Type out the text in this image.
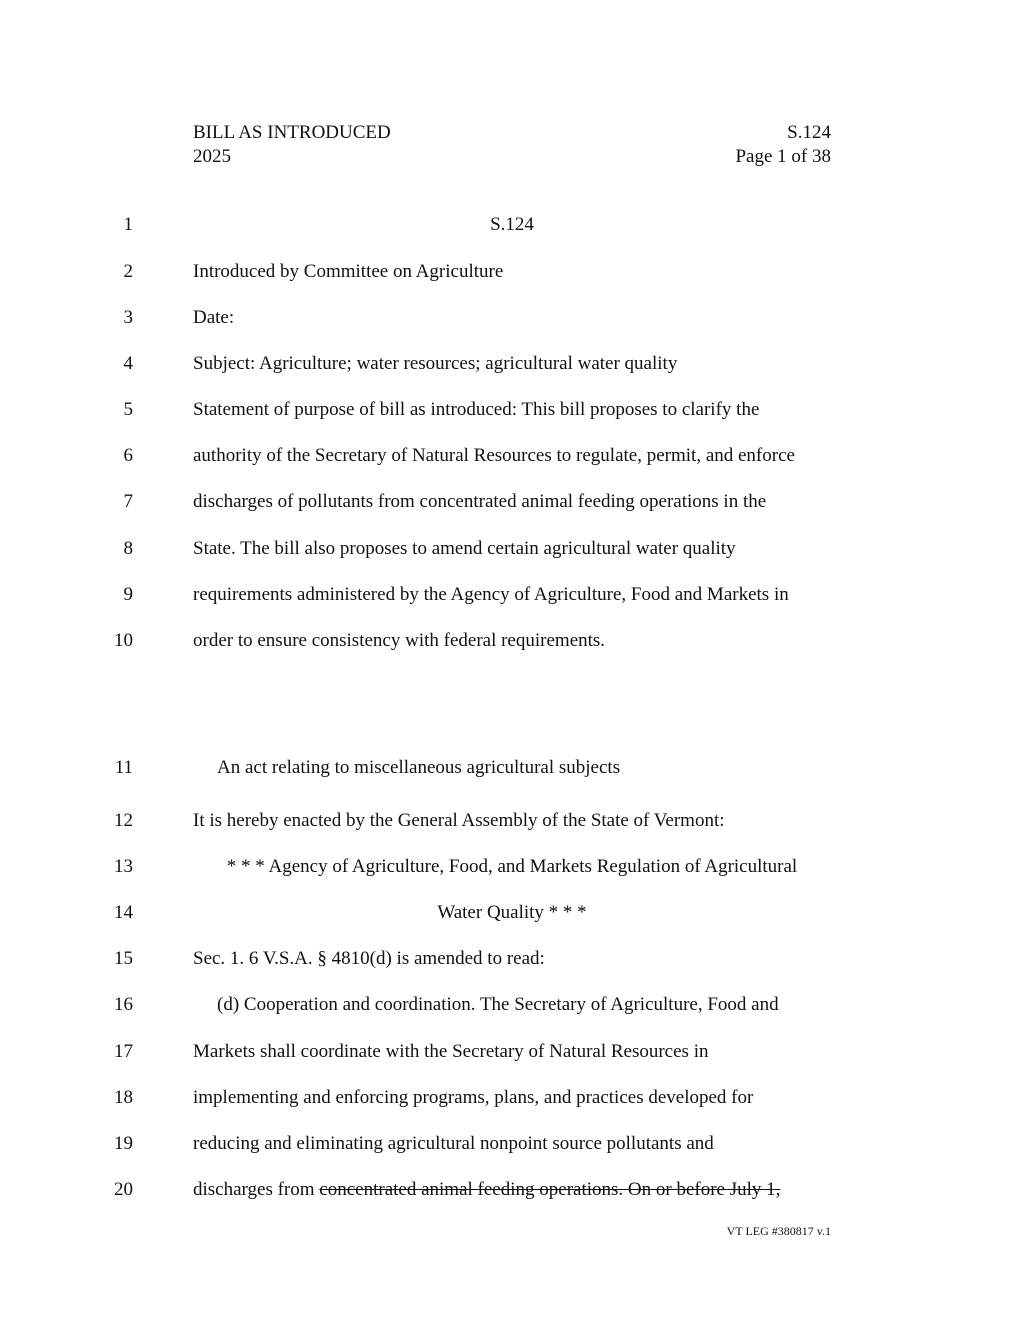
BILL AS INTRODUCED
2025
S.124
Page 1 of 38
1	S.124
2	Introduced by Committee on Agriculture
3	Date:
4	Subject: Agriculture; water resources; agricultural water quality
5	Statement of purpose of bill as introduced: This bill proposes to clarify the
6	authority of the Secretary of Natural Resources to regulate, permit, and enforce
7	discharges of pollutants from concentrated animal feeding operations in the
8	State. The bill also proposes to amend certain agricultural water quality
9	requirements administered by the Agency of Agriculture, Food and Markets in
10	order to ensure consistency with federal requirements.
11	An act relating to miscellaneous agricultural subjects
12	It is hereby enacted by the General Assembly of the State of Vermont:
13	* * * Agency of Agriculture, Food, and Markets Regulation of Agricultural
14	Water Quality * * *
15	Sec. 1. 6 V.S.A. § 4810(d) is amended to read:
16	(d) Cooperation and coordination. The Secretary of Agriculture, Food and
17	Markets shall coordinate with the Secretary of Natural Resources in
18	implementing and enforcing programs, plans, and practices developed for
19	reducing and eliminating agricultural nonpoint source pollutants and
20	discharges from concentrated animal feeding operations. On or before July 1,
VT LEG #380817 v.1
